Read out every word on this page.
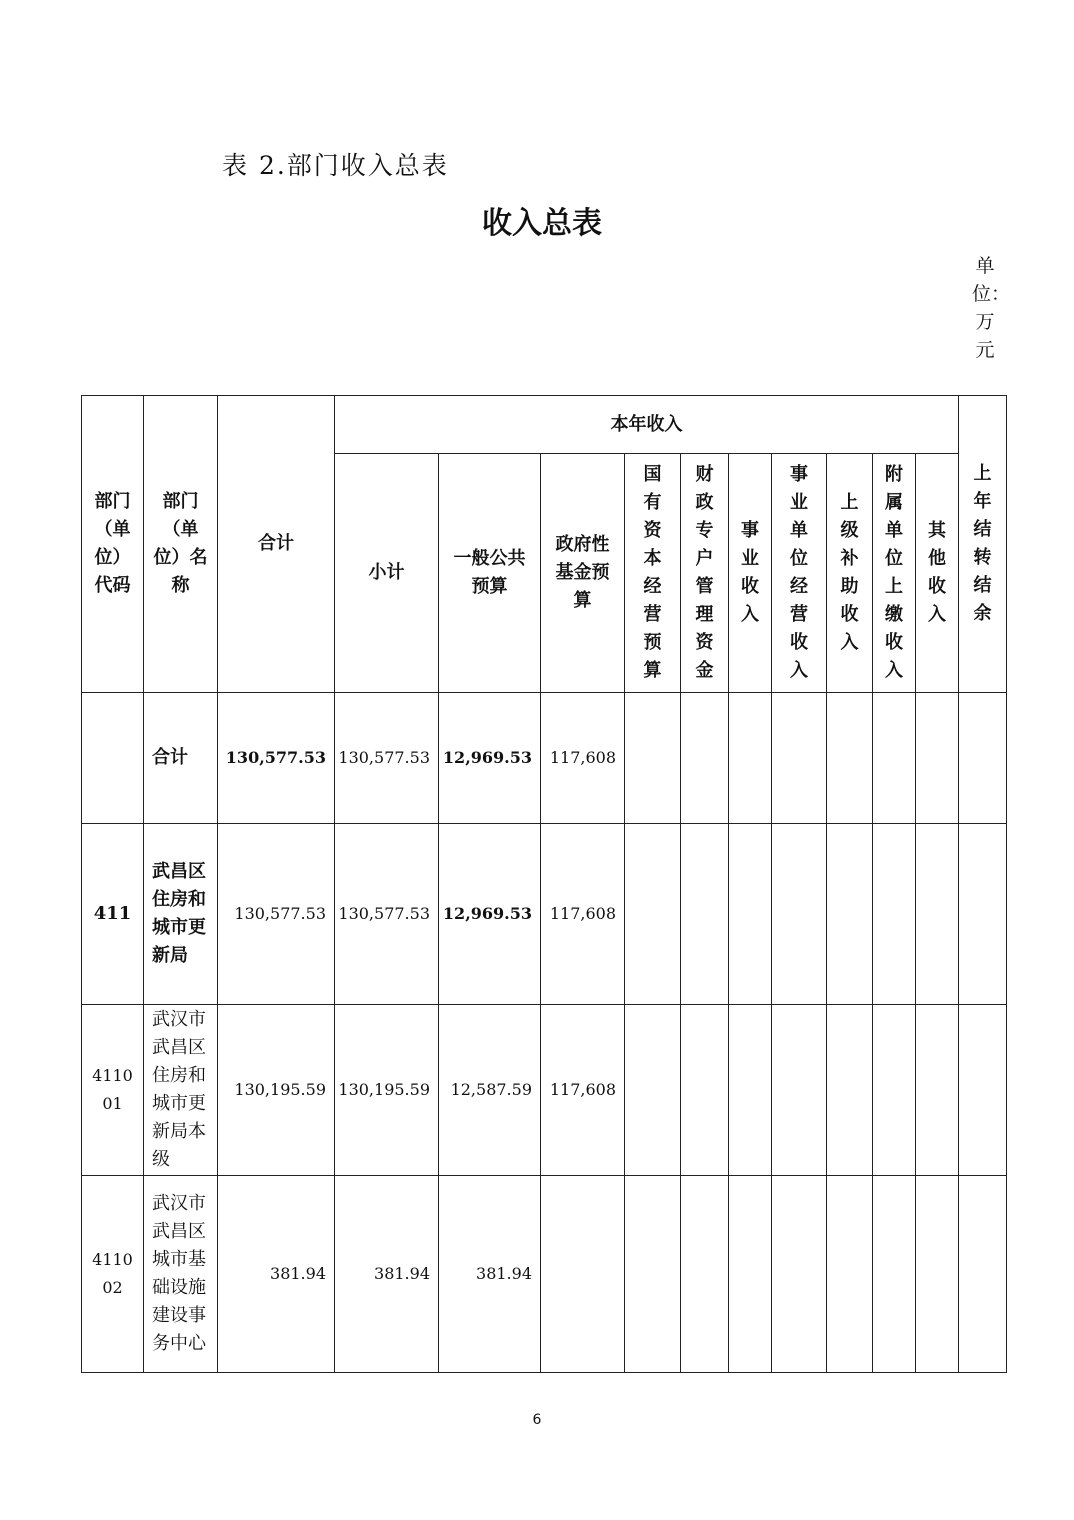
表 2.部门收入总表
收入总表
单位：万元
部门（单位）代码	部门（单位）名称	合计	本年收入										上年结转结余
			小计	一般公共预算	政府性基金预算	国有资本经营预算	财政专户管理资金	事业收入	事业单位经营收入	上级补助收入	附属单位上缴收入	其他收入	
	合计	130,577.53	130,577.53	12,969.53	117,608								
411	武昌区住房和城市更新局	130,577.53	130,577.53	12,969.53	117,608								
411001	武汉市武昌区住房和城市更新局本级	130,195.59	130,195.59	12,587.59	117,608								
411002	武汉市武昌区城市基础设施建设事务中心	381.94	381.94	381.94									
6
